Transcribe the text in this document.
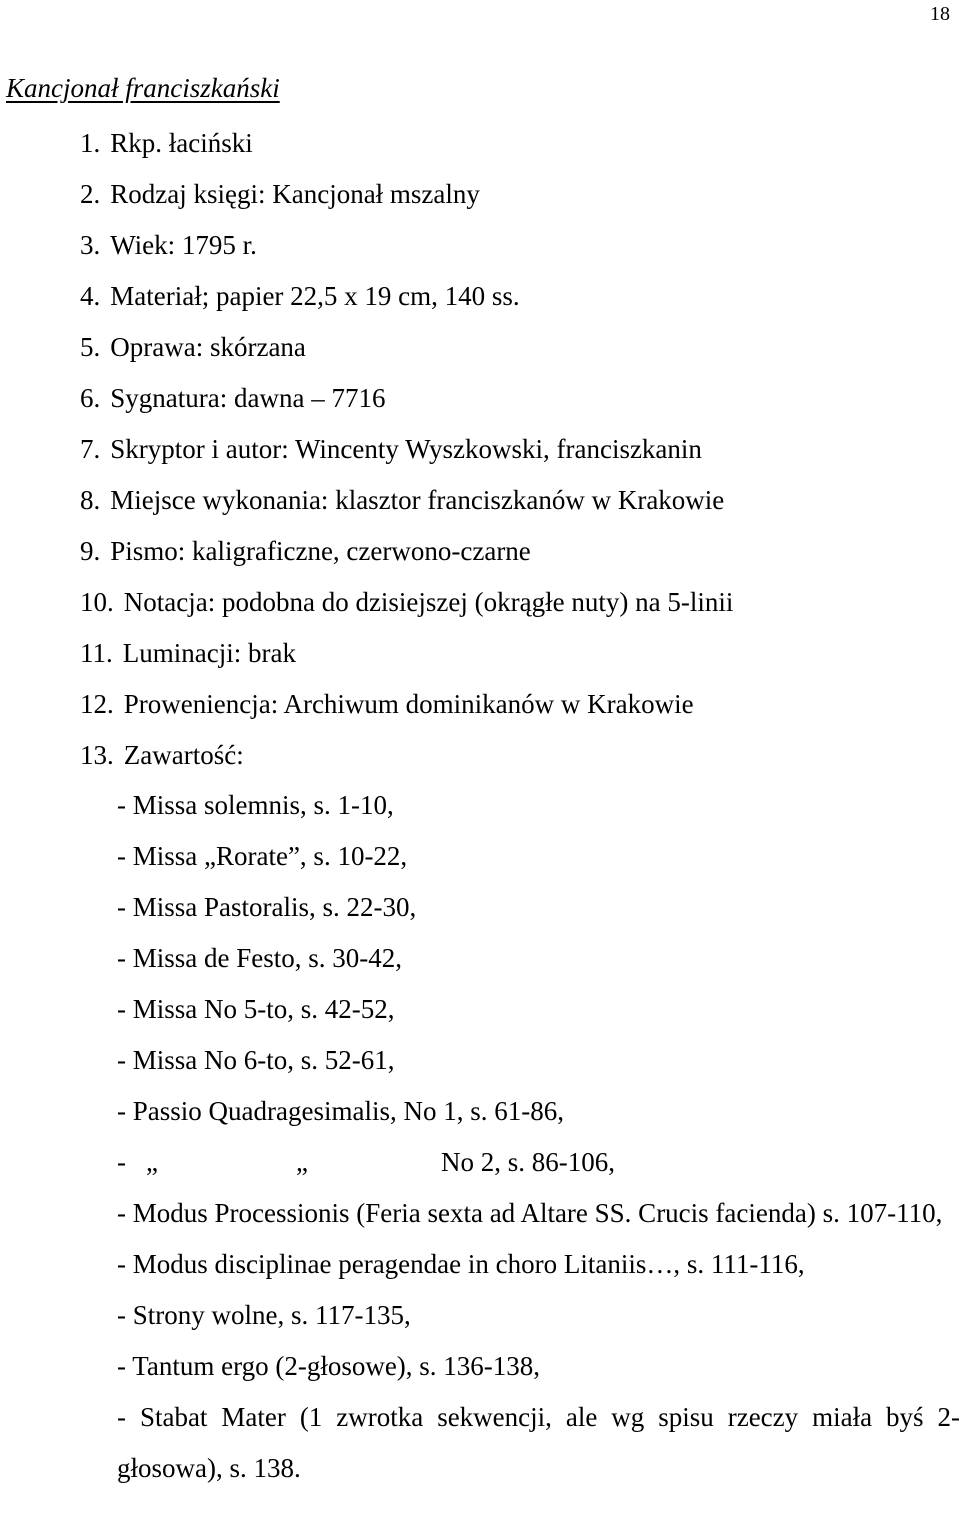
18
Kancjonał franciszkański
1. Rkp. łaciński
2. Rodzaj księgi: Kancjonał mszalny
3. Wiek: 1795 r.
4. Materiał; papier 22,5 x 19 cm, 140 ss.
5. Oprawa: skórzana
6. Sygnatura: dawna – 7716
7. Skryptor i autor: Wincenty Wyszkowski, franciszkanin
8. Miejsce wykonania: klasztor franciszkanów w Krakowie
9. Pismo: kaligraficzne, czerwono-czarne
10. Notacja: podobna do dzisiejszej (okrągłe nuty) na 5-linii
11. Luminacji: brak
12. Proweniencja: Archiwum dominikanów w Krakowie
13. Zawartość:
- Missa solemnis, s. 1-10,
- Missa „Rorate”, s. 10-22,
- Missa Pastoralis, s. 22-30,
- Missa de Festo, s. 30-42,
- Missa No 5-to, s. 42-52,
- Missa No 6-to, s. 52-61,
- Passio Quadragesimalis, No 1, s. 61-86,
- „	„	No 2, s. 86-106,
- Modus Processionis (Feria sexta ad Altare SS. Crucis facienda) s. 107-110,
- Modus disciplinae peragendae in choro Litaniis…, s. 111-116,
- Strony wolne, s. 117-135,
- Tantum ergo (2-głosowe), s. 136-138,
- Stabat Mater (1 zwrotka sekwencji, ale wg spisu rzeczy miała byś 2-głosowa), s. 138.
